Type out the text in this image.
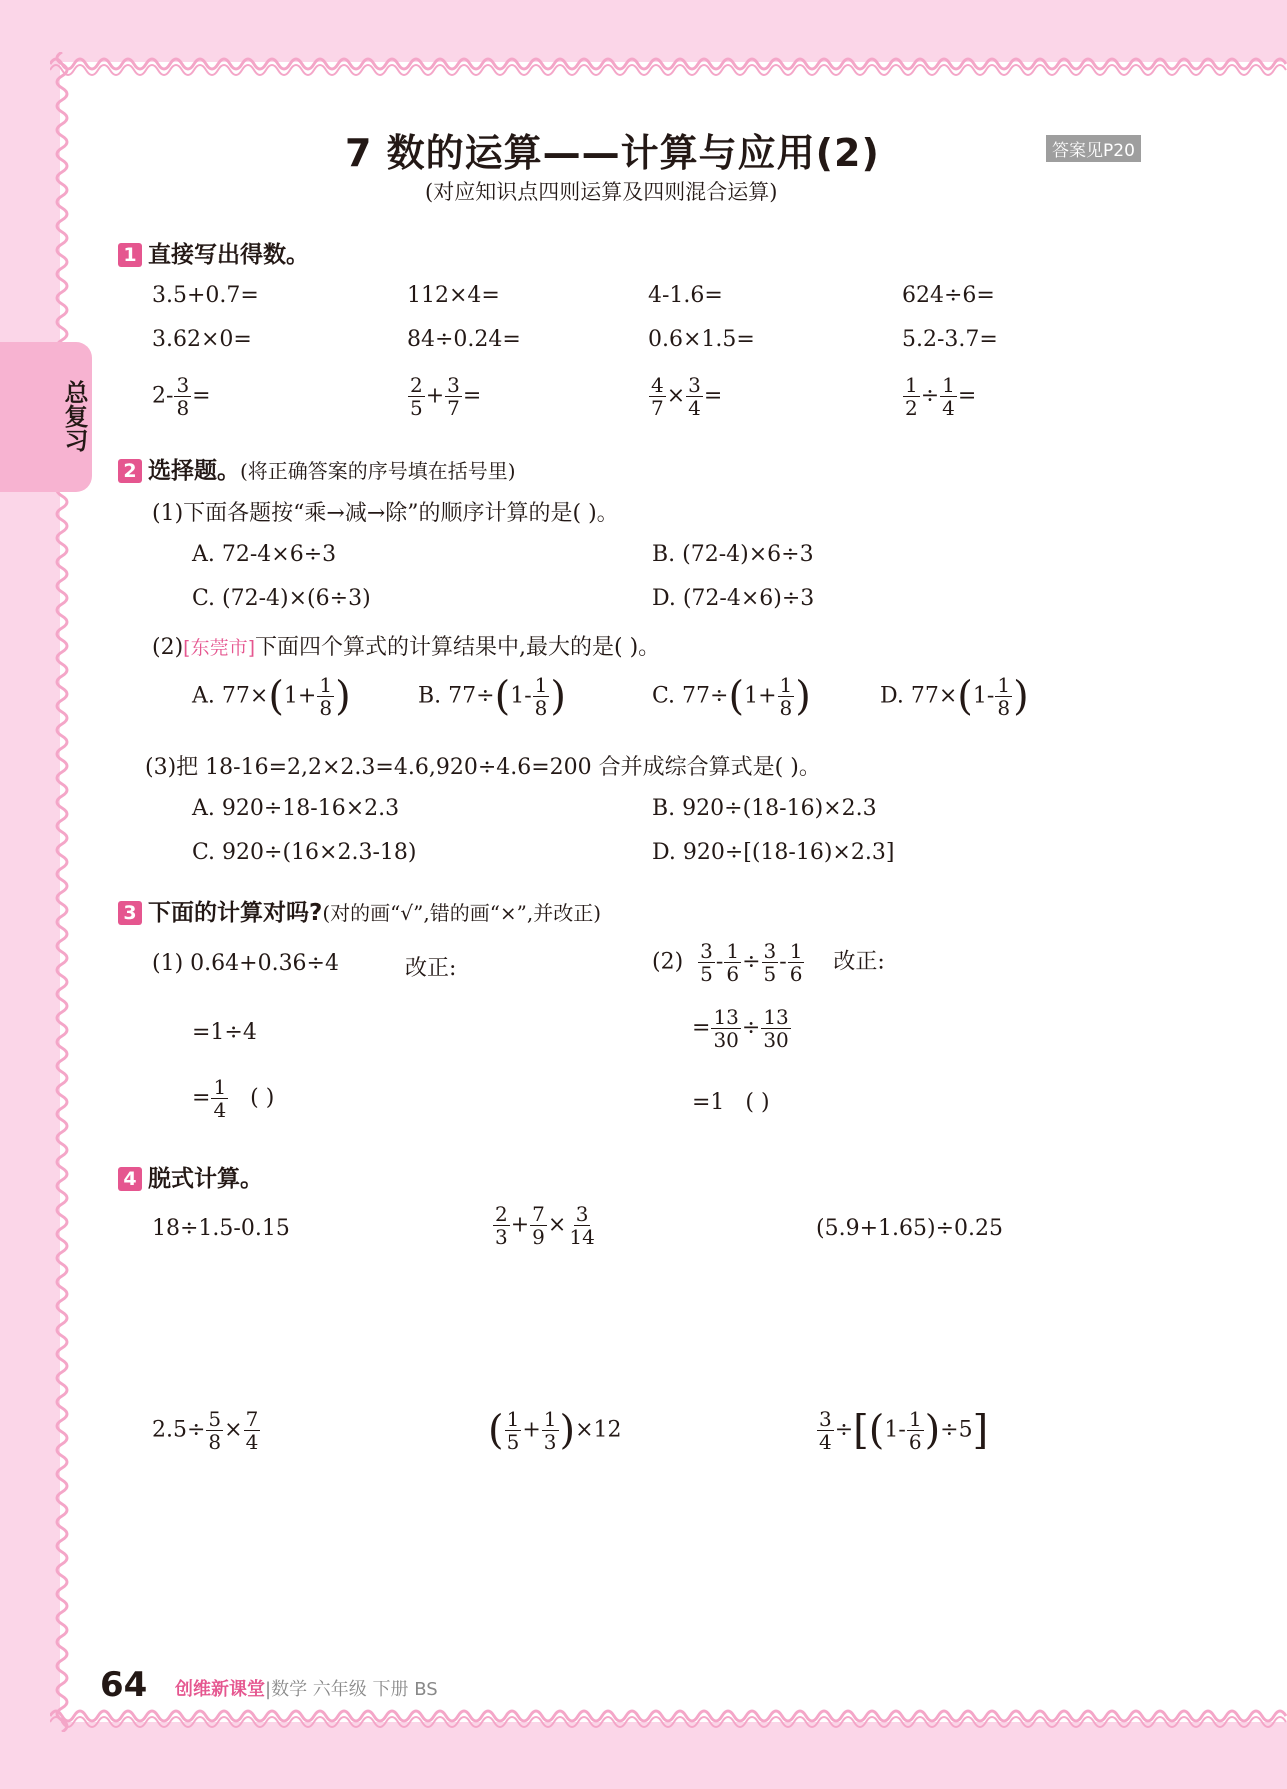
总复习
7 数的运算——计算与应用(2)	答案见P20
(对应知识点四则运算及四则混合运算)
1 直接写出得数。
3.5+0.7=	112×4=	4-1.6=	624÷6=
3.62×0=	84÷0.24=	0.6×1.5=	5.2-3.7=
$2- \frac{3}{8}$ =	$\frac{2}{5} + \frac{3}{7}$ =	$\frac{4}{7} \times \frac{3}{4}$ =	$\frac{1}{2} \div \frac{1}{4}$ =
2 选择题。(将正确答案的序号填在括号里)
(1)下面各题按“乘→减→除”的顺序计算的是( )。
A. 72-4×6÷3	B. (72-4)×6÷3
C. (72-4)×(6÷3)	D. (72-4×6)÷3
(2)[东莞市]下面四个算式的计算结果中,最大的是( )。
A. $77\times(1+ \frac{1}{8}$ )	B. $77\div(1- \frac{1}{8}$ )	C. $77\div(1+ \frac{1}{8}$ )	D. $77\times(1- \frac{1}{8}$ )
(3)把 18-16=2,2×2.3=4.6,920÷4.6=200 合并成综合算式是( )。
A. 920÷18-16×2.3	B. 920÷(18-16)×2.3
C. 920÷(16×2.3-18)	D. 920÷[(18-16)×2.3]
3 下面的计算对吗?(对的画“√”,错的画“×”,并改正)
(1) 0.64+0.36÷4	改正:
=1÷4
= $\frac{1}{4}$ ( )
$(2) \frac{3}{5} - \frac{1}{6} \div \frac{3}{5} - \frac{1}{6}$ 改正:
= $\frac{13}{30} \div \frac{13}{30}$
=1 ( )
4 脱式计算。
18÷1.5-0.15	$\frac{2}{3} + \frac{7}{9} \times \frac{3}{14}$	(5.9+1.65)÷0.25
$2.5\div \frac{5}{8} \times \frac{7}{4}$	( $\frac{1}{5} + \frac{1}{3} )\times 12$	$\frac{3}{4} \div[(1- \frac{1}{6} )\div 5]$
64 创维新课堂|数学 六年级 下册 BS
